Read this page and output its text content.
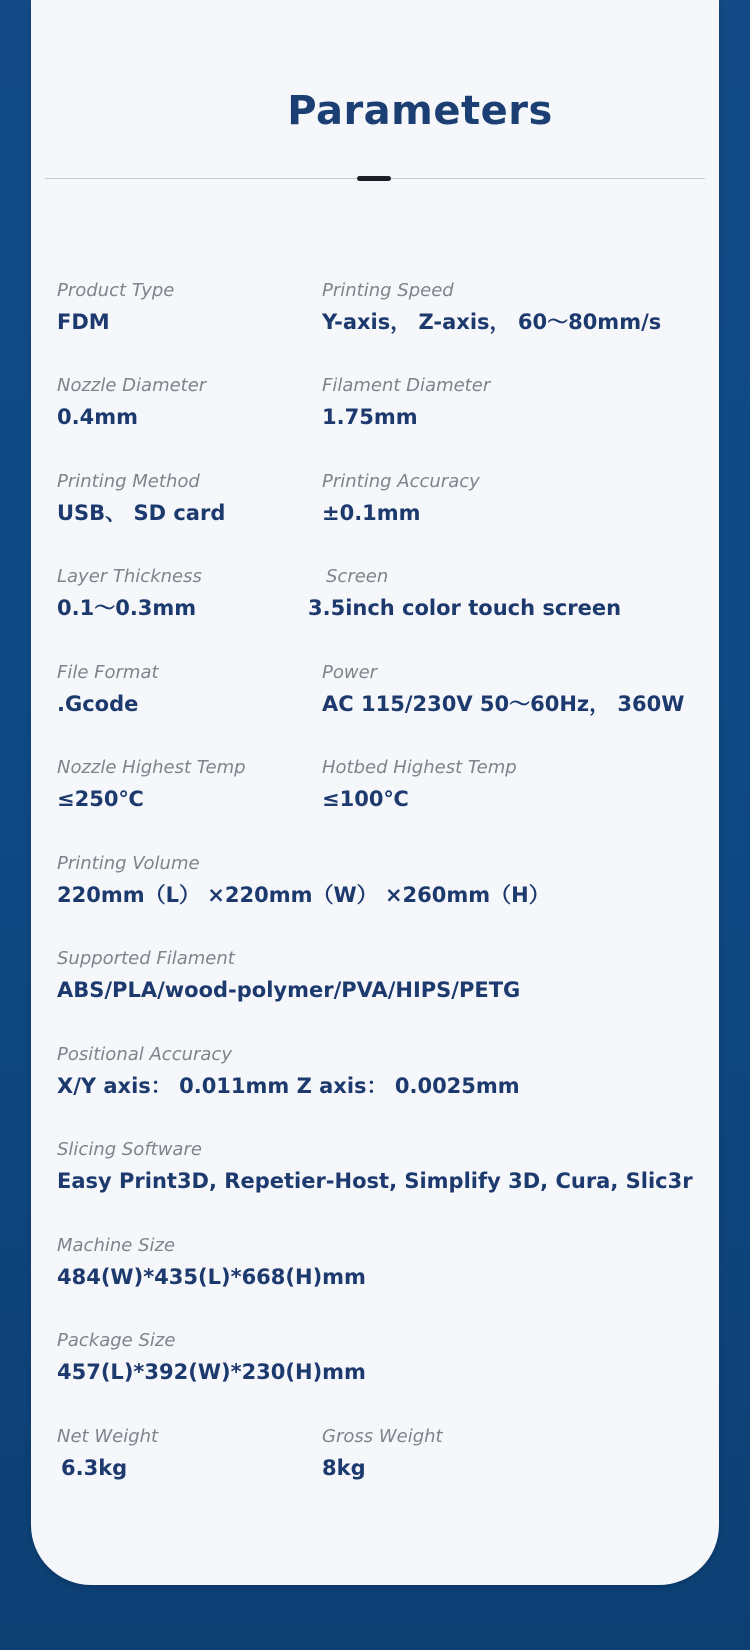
Parameters
Product Type
FDM
Printing Speed
Y-axis， Z-axis， 60～80mm/s
Nozzle Diameter
0.4mm
Filament Diameter
1.75mm
Printing Method
USB、 SD card
Printing Accuracy
±0.1mm
Layer Thickness
0.1～0.3mm
Screen
3.5inch color touch screen
File Format
.Gcode
Power
AC 115/230V 50～60Hz， 360W
Nozzle Highest Temp
≤250℃
Hotbed Highest Temp
≤100℃
Printing Volume
220mm（L） ×220mm（W） ×260mm（H）
Supported Filament
ABS/PLA/wood-polymer/PVA/HIPS/PETG
Positional Accuracy
X/Y axis： 0.011mm Z axis： 0.0025mm
Slicing Software
Easy Print3D, Repetier-Host, Simplify 3D, Cura, Slic3r
Machine Size
484(W)*435(L)*668(H)mm
Package Size
457(L)*392(W)*230(H)mm
Net Weight
6.3kg
Gross Weight
8kg
